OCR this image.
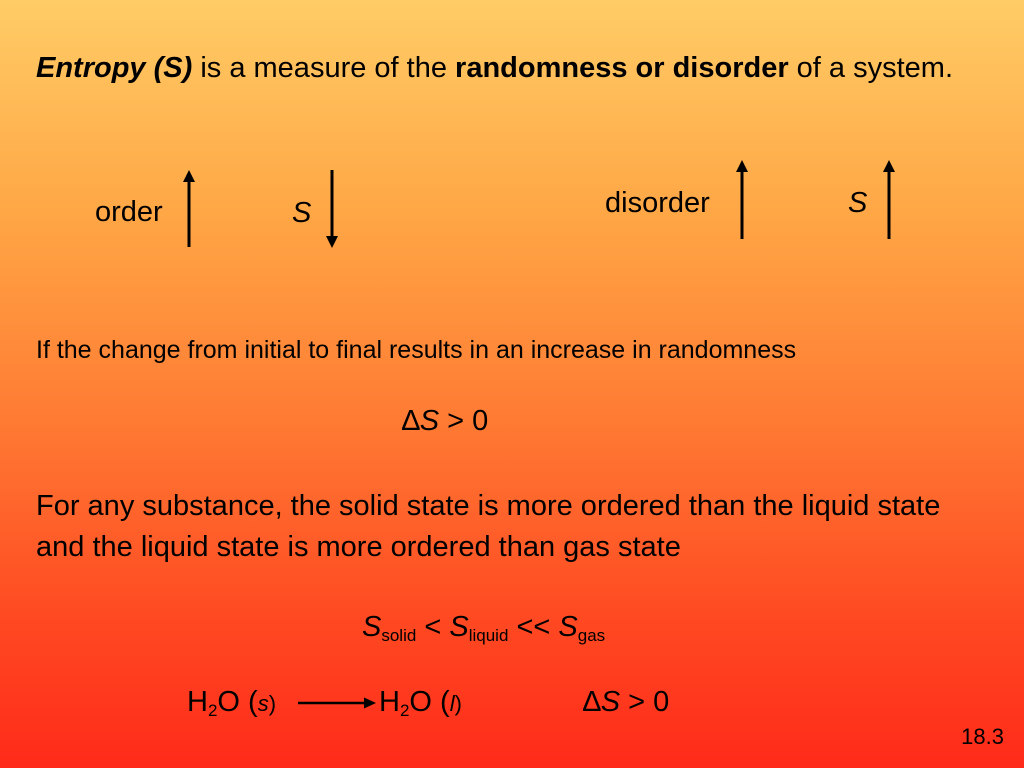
Entropy (S) is a measure of the randomness or disorder of a system.
order	S	disorder	S
If the change from initial to final results in an increase in randomness
∆S > 0
For any substance, the solid state is more ordered than the liquid state and the liquid state is more ordered than gas state
$S_{solid} < S_{liquid} << S_{gas}$
$H_2O$ (s)	$H_2O$ (l)	∆S > 0
18.3
